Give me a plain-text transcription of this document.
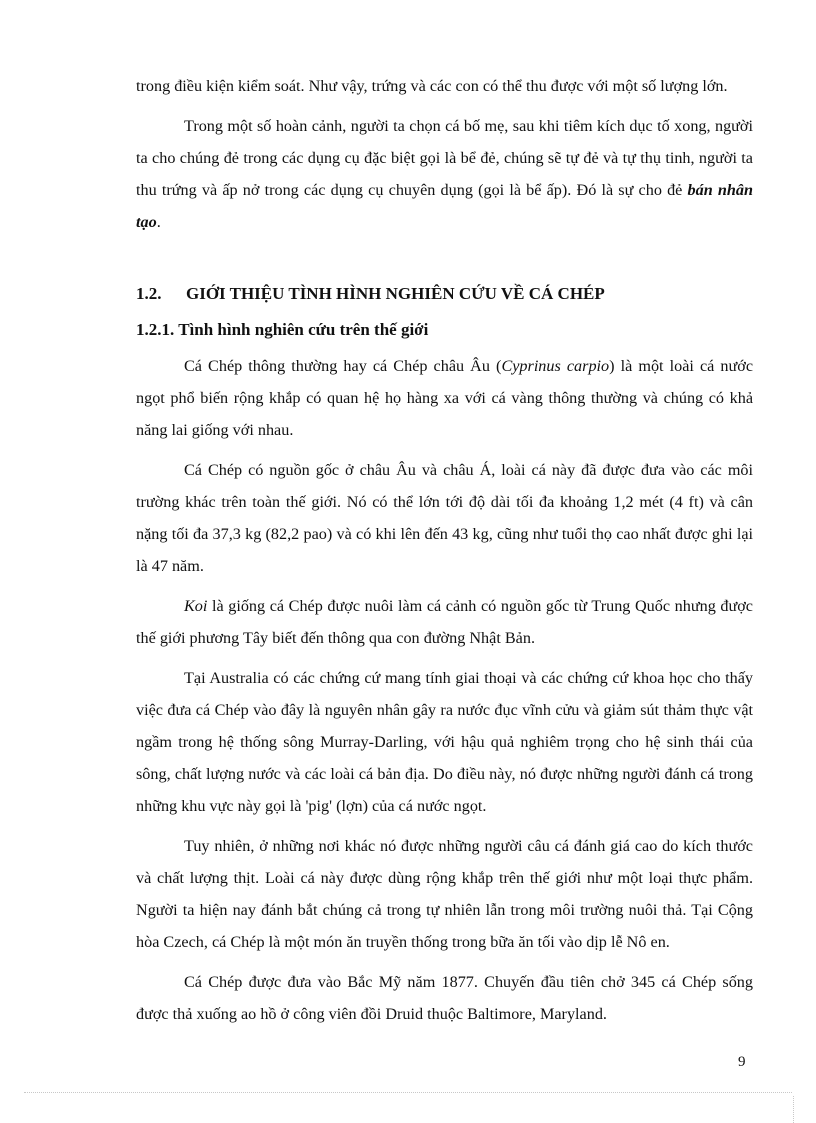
trong điều kiện kiểm soát. Như vậy, trứng và các con có thể thu được với một số lượng lớn.

Trong một số hoàn cảnh, người ta chọn cá bố mẹ, sau khi tiêm kích dục tố xong, người ta cho chúng đẻ trong các dụng cụ đặc biệt gọi là bể đẻ, chúng sẽ tự đẻ và tự thụ tinh, người ta thu trứng và ấp nở trong các dụng cụ chuyên dụng (gọi là bể ấp). Đó là sự cho đẻ bán nhân tạo.

1.2. GIỚI THIỆU TÌNH HÌNH NGHIÊN CỨU VỀ CÁ CHÉP
1.2.1. Tình hình nghiên cứu trên thế giới

Cá Chép thông thường hay cá Chép châu Âu (Cyprinus carpio) là một loài cá nước ngọt phổ biến rộng khắp có quan hệ họ hàng xa với cá vàng thông thường và chúng có khả năng lai giống với nhau.

Cá Chép có nguồn gốc ở châu Âu và châu Á, loài cá này đã được đưa vào các môi trường khác trên toàn thế giới. Nó có thể lớn tới độ dài tối đa khoảng 1,2 mét (4 ft) và cân nặng tối đa 37,3 kg (82,2 pao) và có khi lên đến 43 kg, cũng như tuổi thọ cao nhất được ghi lại là 47 năm.

Koi là giống cá Chép được nuôi làm cá cảnh có nguồn gốc từ Trung Quốc nhưng được thế giới phương Tây biết đến thông qua con đường Nhật Bản.

Tại Australia có các chứng cứ mang tính giai thoại và các chứng cứ khoa học cho thấy việc đưa cá Chép vào đây là nguyên nhân gây ra nước đục vĩnh cửu và giảm sút thảm thực vật ngầm trong hệ thống sông Murray-Darling, với hậu quả nghiêm trọng cho hệ sinh thái của sông, chất lượng nước và các loài cá bản địa. Do điều này, nó được những người đánh cá trong những khu vực này gọi là 'pig' (lợn) của cá nước ngọt.

Tuy nhiên, ở những nơi khác nó được những người câu cá đánh giá cao do kích thước và chất lượng thịt. Loài cá này được dùng rộng khắp trên thế giới như một loại thực phẩm. Người ta hiện nay đánh bắt chúng cả trong tự nhiên lẫn trong môi trường nuôi thả. Tại Cộng hòa Czech, cá Chép là một món ăn truyền thống trong bữa ăn tối vào dịp lễ Nô en.

Cá Chép được đưa vào Bắc Mỹ năm 1877. Chuyến đầu tiên chở 345 cá Chép sống được thả xuống ao hồ ở công viên đồi Druid thuộc Baltimore, Maryland.

9
